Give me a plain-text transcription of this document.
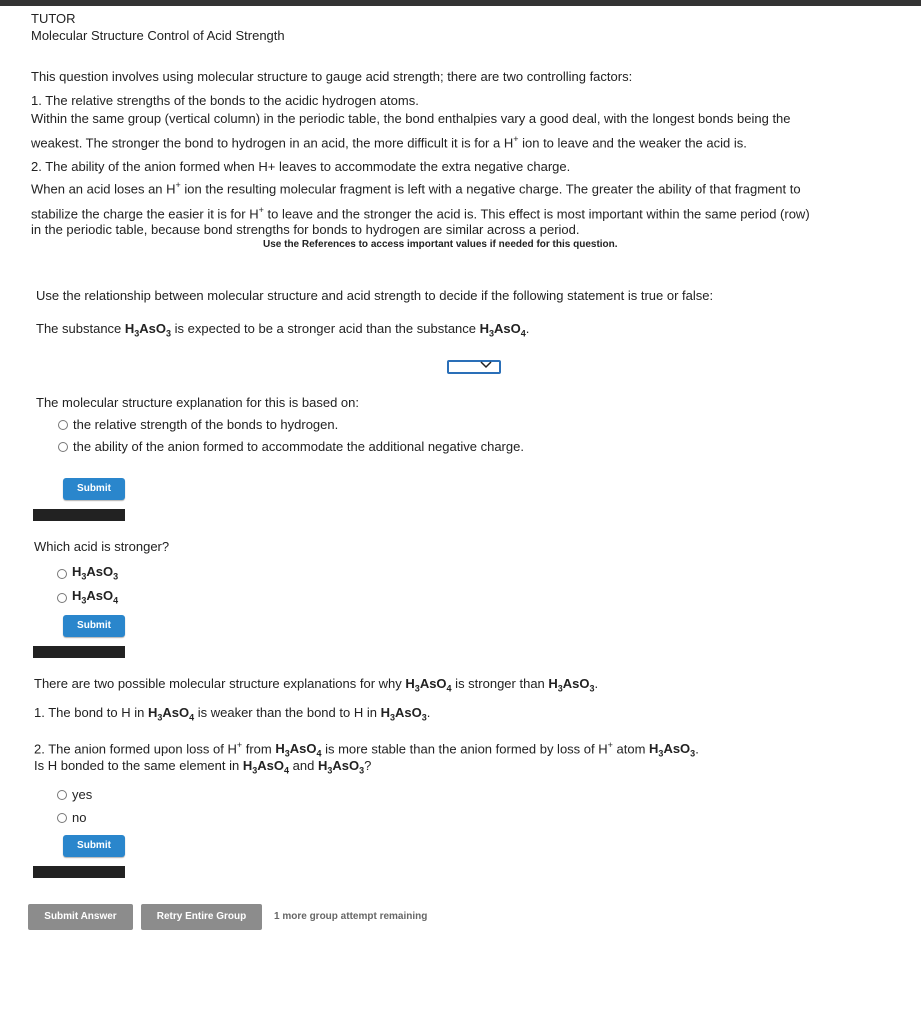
TUTOR
Molecular Structure Control of Acid Strength

This question involves using molecular structure to gauge acid strength; there are two controlling factors:

1. The relative strengths of the bonds to the acidic hydrogen atoms.

Within the same group (vertical column) in the periodic table, the bond enthalpies vary a good deal, with the longest bonds being the

weakest. The stronger the bond to hydrogen in an acid, the more difficult it is for a H+ ion to leave and the weaker the acid is.

2. The ability of the anion formed when H+ leaves to accommodate the extra negative charge.

When an acid loses an H+ ion the resulting molecular fragment is left with a negative charge. The greater the ability of that fragment to

stabilize the charge the easier it is for H+ to leave and the stronger the acid is. This effect is most important within the same period (row)

in the periodic table, because bond strengths for bonds to hydrogen are similar across a period.

Use the References to access important values if needed for this question.
Use the relationship between molecular structure and acid strength to decide if the following statement is true or false:
The substance $H_3AsO_3$ is expected to be a stronger acid than the substance $H_3AsO_4$.
The molecular structure explanation for this is based on:
the relative strength of the bonds to hydrogen.
the ability of the anion formed to accommodate the additional negative charge.
Submit
Which acid is stronger?
$H_3AsO_3$
$H_3AsO_4$
Submit
There are two possible molecular structure explanations for why $H_3AsO_4$ is stronger than $H_3AsO_3$.
1. The bond to H in $H_3AsO_4$ is weaker than the bond to H in $H_3AsO_3$.
2. The anion formed upon loss of H+ from $H_3AsO_4$ is more stable than the anion formed by loss of H+ atom $H_3AsO_3$.
Is H bonded to the same element in $H_3AsO_4$ and $H_3AsO_3$?
yes
no
Submit
Submit Answer	Retry Entire Group	1 more group attempt remaining
